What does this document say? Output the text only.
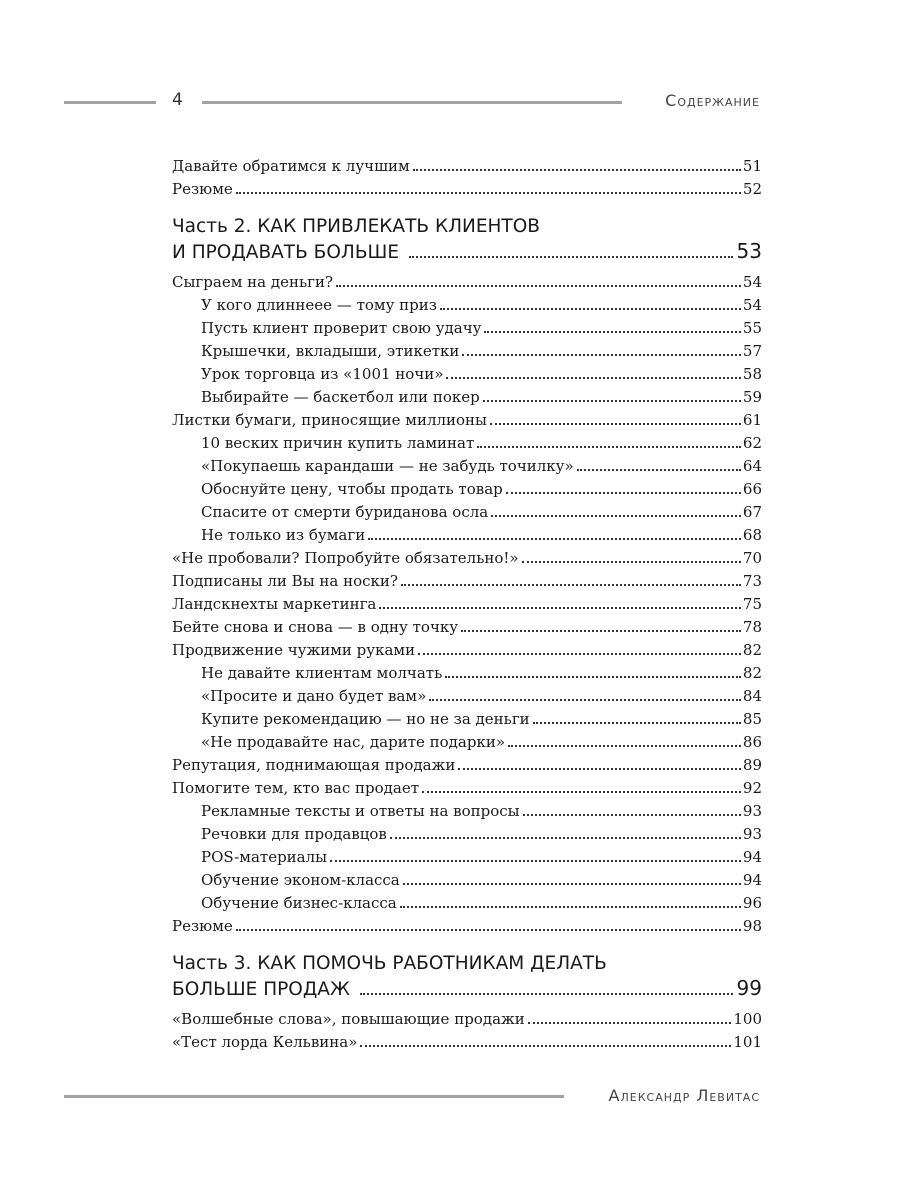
4	Содержание
Давайте обратимся к лучшим	51
Резюме	52
Часть 2. КАК ПРИВЛЕКАТЬ КЛИЕНТОВ
И ПРОДАВАТЬ БОЛЬШЕ	53
Сыграем на деньги?	54
У кого длиннеее — тому приз	54
Пусть клиент проверит свою удачу	55
Крышечки, вкладыши, этикетки	57
Урок торговца из «1001 ночи»	58
Выбирайте — баскетбол или покер	59
Листки бумаги, приносящие миллионы	61
10 веских причин купить ламинат	62
«Покупаешь карандаши — не забудь точилку»	64
Обоснуйте цену, чтобы продать товар	66
Спасите от смерти буриданова осла	67
Не только из бумаги	68
«Не пробовали? Попробуйте обязательно!»	70
Подписаны ли Вы на носки?	73
Ландскнехты маркетинга	75
Бейте снова и снова — в одну точку	78
Продвижение чужими руками	82
Не давайте клиентам молчать	82
«Просите и дано будет вам»	84
Купите рекомендацию — но не за деньги	85
«Не продавайте нас, дарите подарки»	86
Репутация, поднимающая продажи	89
Помогите тем, кто вас продает	92
Рекламные тексты и ответы на вопросы	93
Речовки для продавцов	93
POS-материалы	94
Обучение эконом-класса	94
Обучение бизнес-класса	96
Резюме	98
Часть 3. КАК ПОМОЧЬ РАБОТНИКАМ ДЕЛАТЬ
БОЛЬШЕ ПРОДАЖ	99
«Волшебные слова», повышающие продажи	100
«Тест лорда Кельвина»	101
Александр Левитас
